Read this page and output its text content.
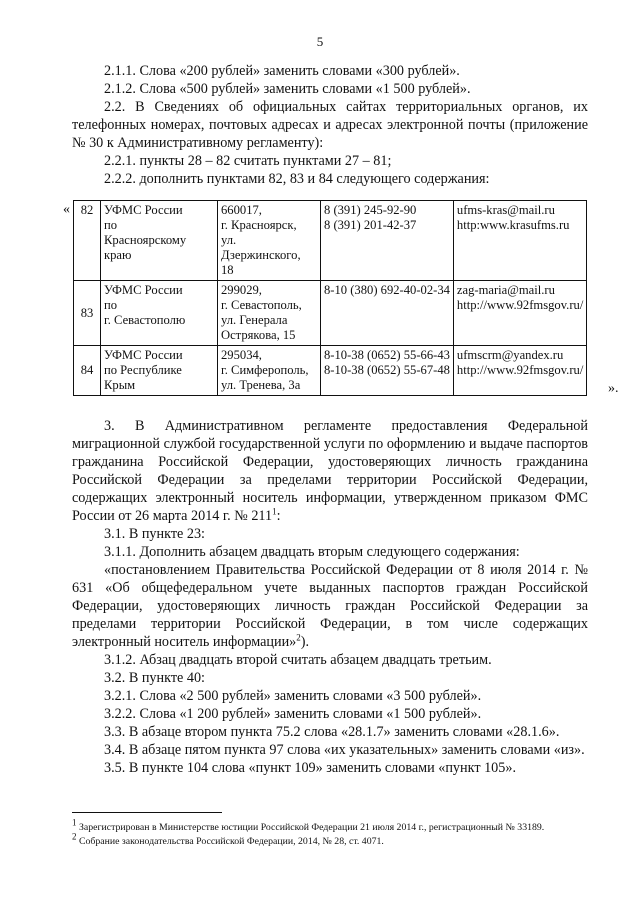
5

2.1.1. Слова «200 рублей» заменить словами «300 рублей».

2.1.2. Слова «500 рублей» заменить словами «1 500 рублей».

2.2. В Сведениях об официальных сайтах территориальных органов, их телефонных номерах, почтовых адресах и адресах электронной почты (приложение № 30 к Административному регламенту):

2.2.1. пункты 28 – 82 считать пунктами 27 – 81;

2.2.2. дополнить пунктами 82, 83 и 84 следующего содержания:

« 82	УФМС России
по
Красноярскому
краю	660017,
г. Красноярск,
ул.
Дзержинского,
18	8 (391) 245-92-90
8 (391) 201-42-37	ufms-kras@mail.ru
http:www.krasufms.ru

83	УФМС России
по
г. Севастополю	299029,
г. Севастополь,
ул. Генерала
Острякова, 15	8-10 (380) 692-40-02-34	zag-maria@mail.ru
http://www.92fmsgov.ru/

84	УФМС России
по Республике
Крым	295034,
г. Симферополь,
ул. Тренева, 3а	8-10-38 (0652) 55-66-43
8-10-38 (0652) 55-67-48	ufmscrm@yandex.ru
http://www.92fmsgov.ru/
».

3. В Административном регламенте предоставления Федеральной миграционной службой государственной услуги по оформлению и выдаче паспортов гражданина Российской Федерации, удостоверяющих личность гражданина Российской Федерации за пределами территории Российской Федерации, содержащих электронный носитель информации, утвержденном приказом ФМС России от 26 марта 2014 г. № $211^1$:

3.1. В пункте 23:

3.1.1. Дополнить абзацем двадцать вторым следующего содержания:

«постановлением Правительства Российской Федерации от 8 июля 2014 г. № 631 «Об общефедеральном учете выданных паспортов граждан Российской Федерации, удостоверяющих личность граждан Российской Федерации за пределами территории Российской Федерации, в том числе содержащих электронный носитель информации»$^2$).

3.1.2. Абзац двадцать второй считать абзацем двадцать третьим.

3.2. В пункте 40:

3.2.1. Слова «2 500 рублей» заменить словами «3 500 рублей».

3.2.2. Слова «1 200 рублей» заменить словами «1 500 рублей».

3.3. В абзаце втором пункта 75.2 слова «28.1.7» заменить словами «28.1.6».

3.4. В абзаце пятом пункта 97 слова «их указательных» заменить словами «из».

3.5. В пункте 104 слова «пункт 109» заменить словами «пункт 105».

$^1$ Зарегистрирован в Министерстве юстиции Российской Федерации 21 июля 2014 г., регистрационный № 33189.
$^2$ Собрание законодательства Российской Федерации, 2014, № 28, ст. 4071.
